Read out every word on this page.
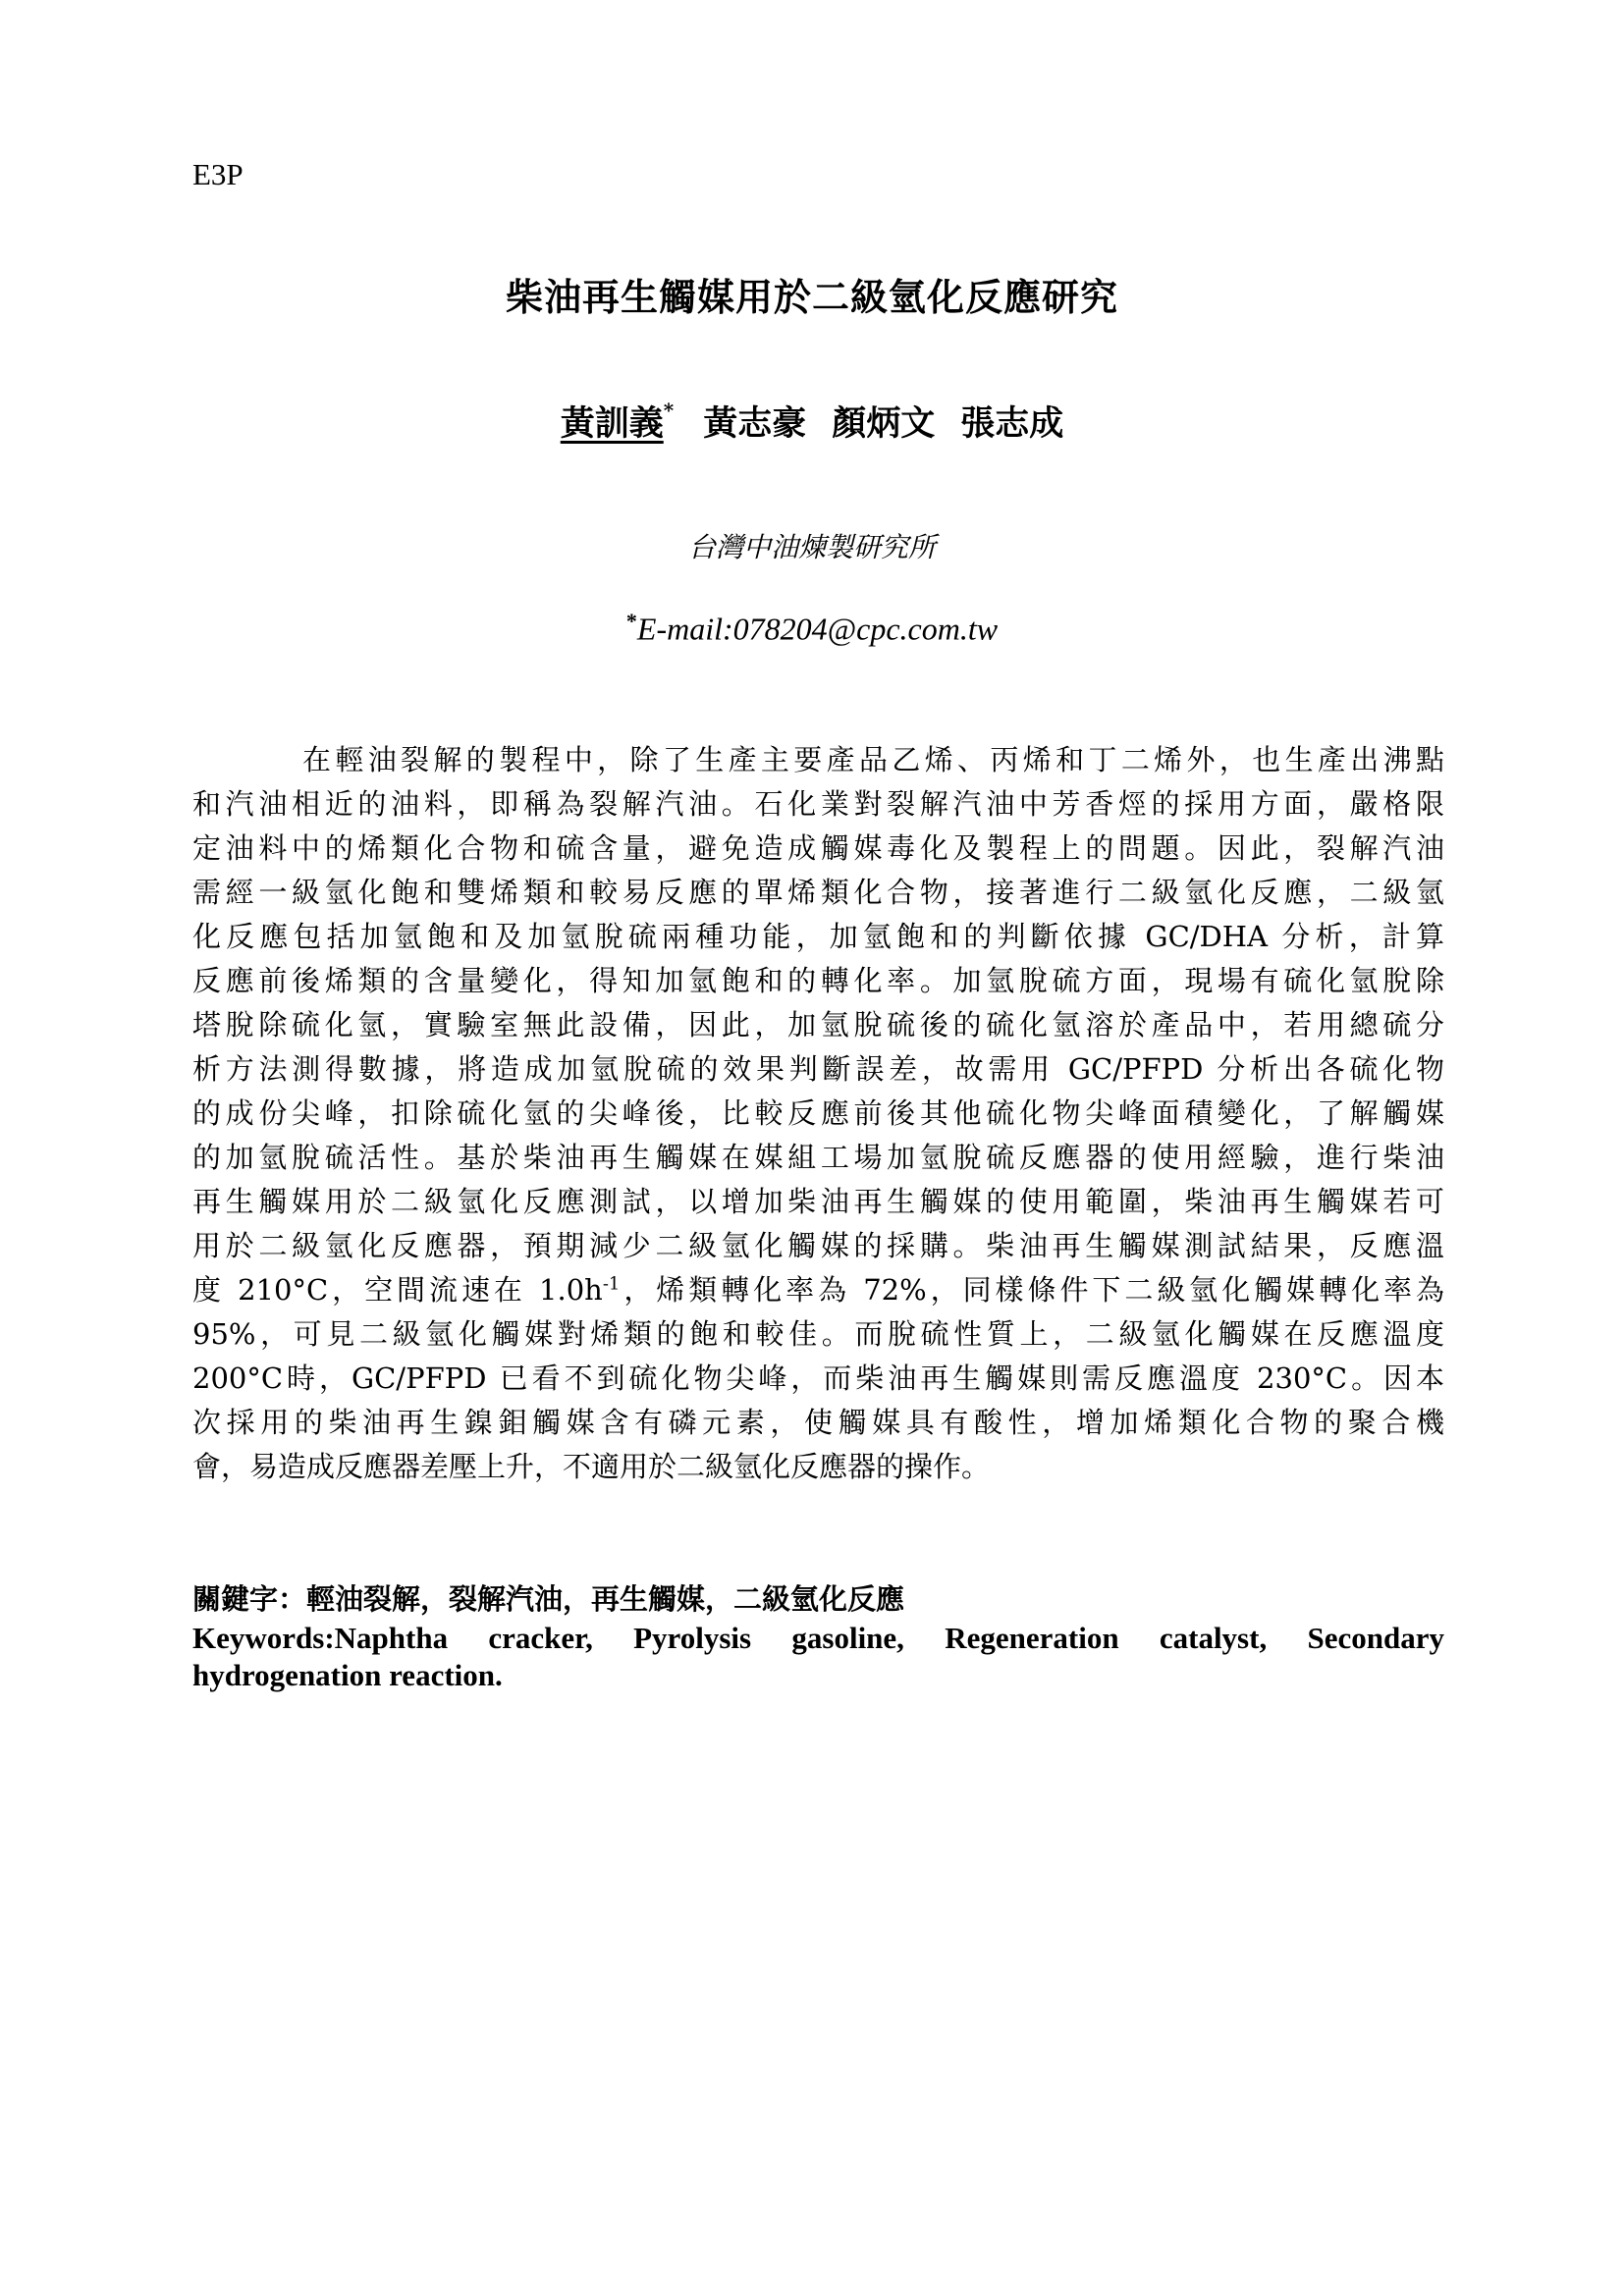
E3P
柴油再生觸媒用於二級氫化反應研究
黃訓義* 黃志豪 顏炳文 張志成
台灣中油煉製研究所
*E-mail:078204@cpc.com.tw
在輕油裂解的製程中，除了生產主要產品乙烯、丙烯和丁二烯外，也生產出沸點
和汽油相近的油料，即稱為裂解汽油。石化業對裂解汽油中芳香烴的採用方面，嚴格限
定油料中的烯類化合物和硫含量，避免造成觸媒毒化及製程上的問題。因此，裂解汽油
需經一級氫化飽和雙烯類和較易反應的單烯類化合物，接著進行二級氫化反應，二級氫
化反應包括加氫飽和及加氫脫硫兩種功能，加氫飽和的判斷依據 GC/DHA 分析，計算
反應前後烯類的含量變化，得知加氫飽和的轉化率。加氫脫硫方面，現場有硫化氫脫除
塔脫除硫化氫，實驗室無此設備，因此，加氫脫硫後的硫化氫溶於產品中，若用總硫分
析方法測得數據，將造成加氫脫硫的效果判斷誤差，故需用 GC/PFPD 分析出各硫化物
的成份尖峰，扣除硫化氫的尖峰後，比較反應前後其他硫化物尖峰面積變化，了解觸媒
的加氫脫硫活性。基於柴油再生觸媒在媒組工場加氫脫硫反應器的使用經驗，進行柴油
再生觸媒用於二級氫化反應測試，以增加柴油再生觸媒的使用範圍，柴油再生觸媒若可
用於二級氫化反應器，預期減少二級氫化觸媒的採購。柴油再生觸媒測試結果，反應溫
度 210°C，空間流速在 $1.0h^{-1}$，烯類轉化率為 72%，同樣條件下二級氫化觸媒轉化率為
95%，可見二級氫化觸媒對烯類的飽和較佳。而脫硫性質上，二級氫化觸媒在反應溫度
200°C時，GC/PFPD 已看不到硫化物尖峰，而柴油再生觸媒則需反應溫度 230°C。因本
次採用的柴油再生鎳鉬觸媒含有磷元素，使觸媒具有酸性，增加烯類化合物的聚合機
會，易造成反應器差壓上升，不適用於二級氫化反應器的操作。
關鍵字：輕油裂解，裂解汽油，再生觸媒，二級氫化反應
Keywords:Naphtha cracker, Pyrolysis gasoline, Regeneration catalyst, Secondary
hydrogenation reaction.
